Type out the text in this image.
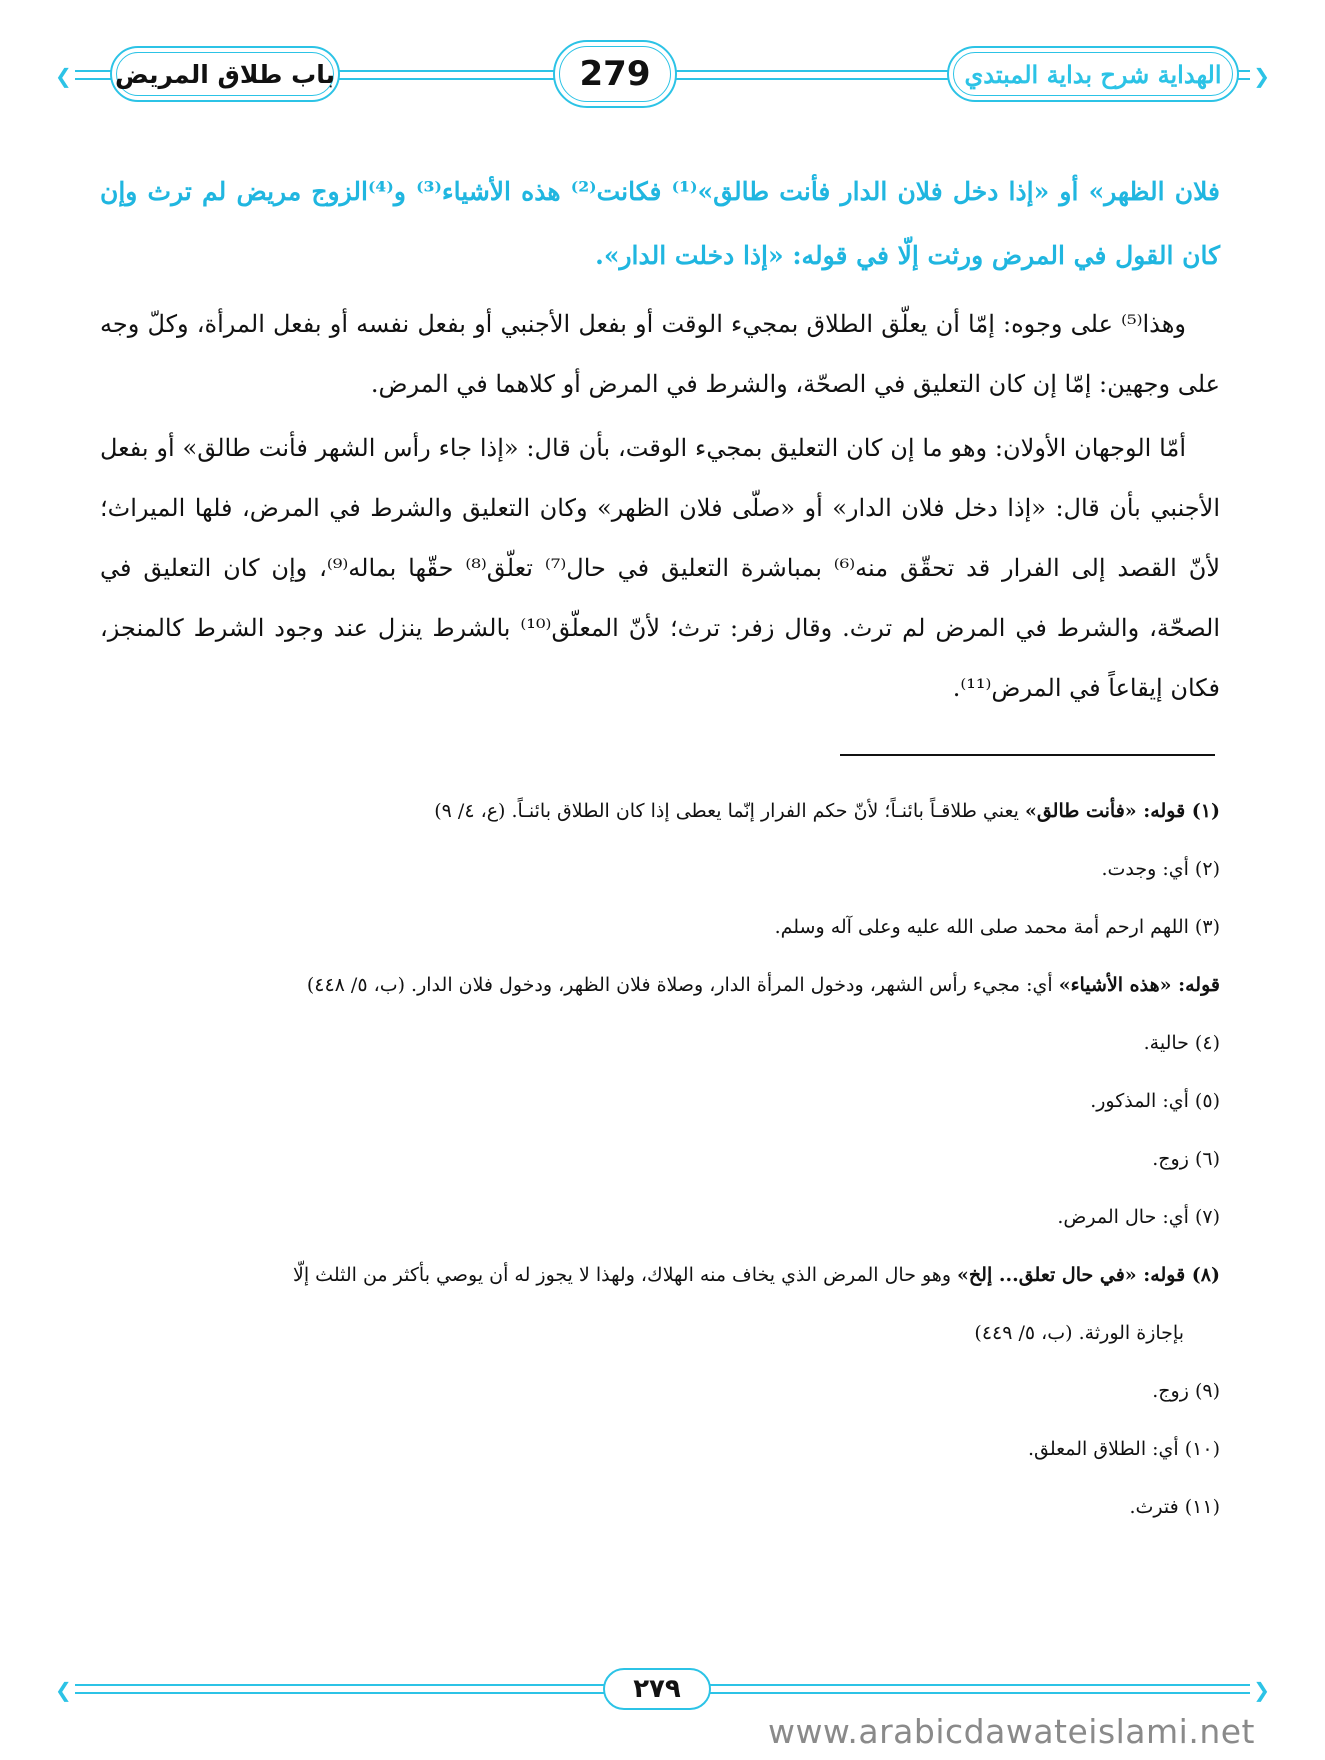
❮	❯
باب طلاق المريض	279	الهداية شرح بداية المبتدي

فلان الظهر» أو «إذا دخل فلان الدار فأنت طالق»⁽¹⁾ فكانت⁽²⁾ هذه الأشياء⁽³⁾ و⁽⁴⁾الزوج مريض لم ترث وإن كان القول في المرض ورثت إلّا في قوله: «إذا دخلت الدار».

وهذا⁽⁵⁾ على وجوه: إمّا أن يعلّق الطلاق بمجيء الوقت أو بفعل الأجنبي أو بفعل نفسه أو بفعل المرأة، وكلّ وجه على وجهين: إمّا إن كان التعليق في الصحّة، والشرط في المرض أو كلاهما في المرض.

أمّا الوجهان الأولان: وهو ما إن كان التعليق بمجيء الوقت، بأن قال: «إذا جاء رأس الشهر فأنت طالق» أو بفعل الأجنبي بأن قال: «إذا دخل فلان الدار» أو «صلّى فلان الظهر» وكان التعليق والشرط في المرض، فلها الميراث؛ لأنّ القصد إلى الفرار قد تحقّق منه⁽⁶⁾ بمباشرة التعليق في حال⁽⁷⁾ تعلّق⁽⁸⁾ حقّها بماله⁽⁹⁾، وإن كان التعليق في الصحّة، والشرط في المرض لم ترث. وقال زفر: ترث؛ لأنّ المعلّق⁽¹⁰⁾ بالشرط ينزل عند وجود الشرط كالمنجز، فكان إيقاعاً في المرض⁽¹¹⁾.

(١) قوله: «فأنت طالق» يعني طلاقـاً بائنـاً؛ لأنّ حكم الفرار إنّما يعطى إذا كان الطلاق بائنـاً. (ع، ٤/ ٩)
(٢) أي: وجدت.
(٣) اللهم ارحم أمة محمد صلى الله عليه وعلى آله وسلم.
قوله: «هذه الأشياء» أي: مجيء رأس الشهر، ودخول المرأة الدار، وصلاة فلان الظهر، ودخول فلان الدار. (ب، ٥/ ٤٤٨)
(٤) حالية.
(٥) أي: المذكور.
(٦) زوج.
(٧) أي: حال المرض.
(٨) قوله: «في حال تعلق... إلخ» وهو حال المرض الذي يخاف منه الهلاك، ولهذا لا يجوز له أن يوصي بأكثر من الثلث إلّا
بإجازة الورثة. (ب، ٥/ ٤٤٩)
(٩) زوج.
(١٠) أي: الطلاق المعلق.
(١١) فترث.
❮	❯
٢٧٩
www.arabicdawateislami.net
